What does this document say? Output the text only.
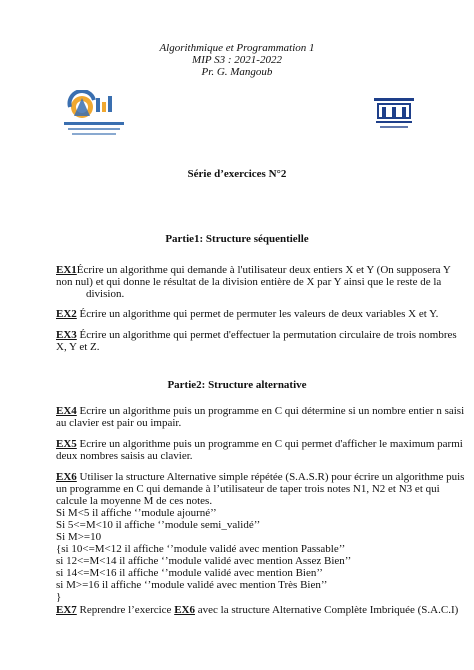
Algorithmique et Programmation 1
MIP S3 : 2021-2022
Pr. G. Mangoub
Série d’exercices N°2
Partie1: Structure séquentielle
EX1Écrire un algorithme qui demande à l'utilisateur deux entiers X et Y (On supposera Y
non nul) et qui donne le résultat de la division entière de X par Y ainsi que le reste de la
division.
EX2 Écrire un algorithme qui permet de permuter les valeurs de deux variables X et Y.
EX3 Écrire un algorithme qui permet d'effectuer la permutation circulaire de trois nombres
X, Y et Z.
Partie2: Structure alternative
EX4 Ecrire un algorithme puis un programme en C qui détermine si un nombre entier n saisi
au clavier est pair ou impair.
EX5 Ecrire un algorithme puis un programme en C qui permet d'afficher le maximum parmi
deux nombres saisis au clavier.
EX6 Utiliser la structure Alternative simple répétée (S.A.S.R) pour écrire un algorithme puis
un programme en C qui demande à l’utilisateur de taper trois notes N1, N2 et N3 et qui
calcule la moyenne M de ces notes.
Si M<5 il affiche ‘’module ajourné’’
Si 5<=M<10 il affiche ‘’module semi_validé’’
Si M>=10
{si 10<=M<12 il affiche ‘’module validé avec mention Passable’’
si 12<=M<14 il affiche ‘’module validé avec mention Assez Bien’’
si 14<=M<16 il affiche ‘’module validé avec mention Bien’’
si M>=16 il affiche ‘’module validé avec mention Très Bien’’
}
EX7 Reprendre l’exercice EX6 avec la structure Alternative Complète Imbriquée (S.A.C.I)
